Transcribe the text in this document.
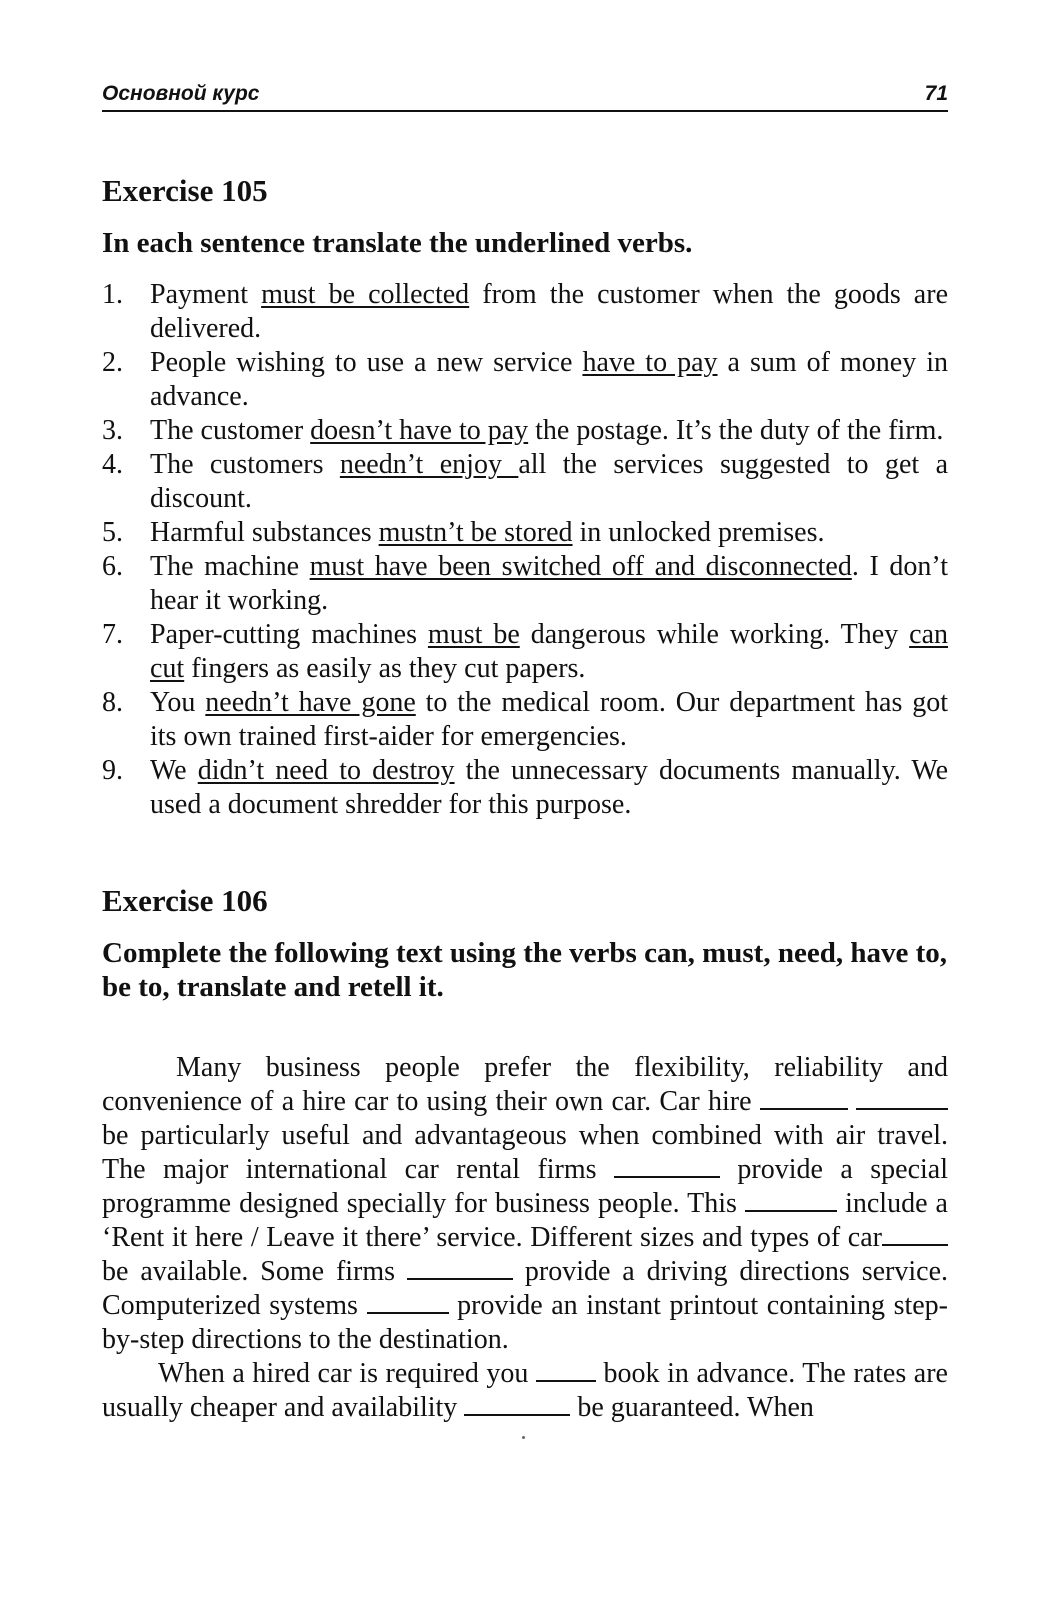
Основной курс	71
Exercise 105
In each sentence translate the underlined verbs.
1. Payment must be collected from the customer when the goods are delivered.
2. People wishing to use a new service have to pay a sum of money in advance.
3. The customer doesn’t have to pay the postage. It’s the duty of the firm.
4. The customers needn’t enjoy all the services suggested to get a discount.
5. Harmful substances mustn’t be stored in unlocked premises.
6. The machine must have been switched off and disconnected. I don’t hear it working.
7. Paper-cutting machines must be dangerous while working. They can cut fingers as easily as they cut papers.
8. You needn’t have gone to the medical room. Our department has got its own trained first-aider for emergencies.
9. We didn’t need to destroy the unnecessary documents manually. We used a document shredder for this purpose.
Exercise 106
Complete the following text using the verbs can, must, need, have to, be to, translate and retell it.

Many business people prefer the flexibility, reliability and convenience of a hire car to using their own car. Car hire  be particularly useful and advantageous when combined with air travel. The major international car rental firms	provide a special programme designed specially for business people. This	include a ‘Rent it here / Leave it there’ service. Different sizes and types of car be available. Some firms	provide a driving directions service. Computerized systems	provide an instant printout containing step-by-step directions to the destination.

When a hired car is required you  book in advance. The rates are usually cheaper and availability	be guaranteed. When
